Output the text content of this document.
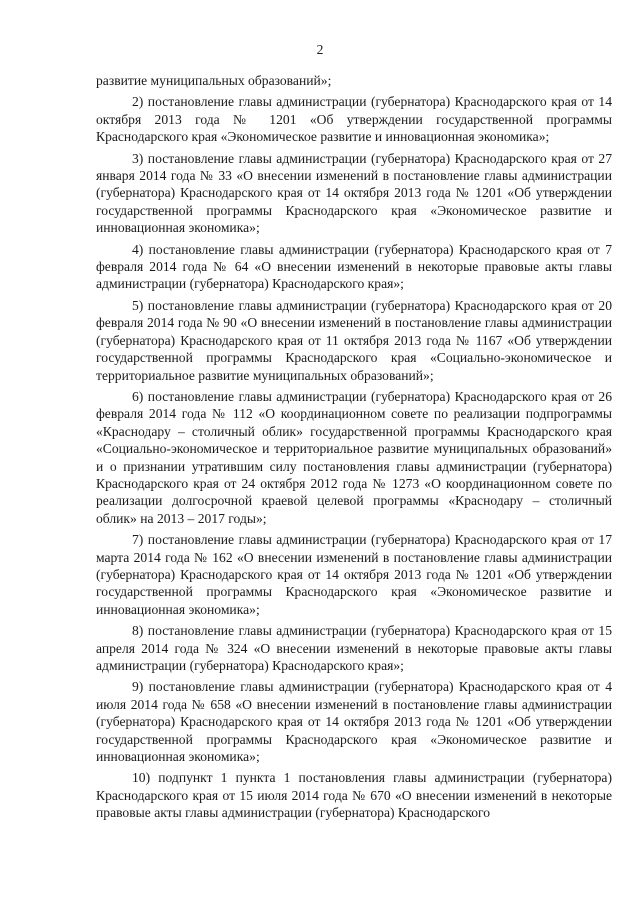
2

развитие муниципальных образований»;

2) постановление главы администрации (губернатора) Краснодарского края от 14 октября 2013 года № 1201 «Об утверждении государственной программы Краснодарского края «Экономическое развитие и инновационная экономика»;

3) постановление главы администрации (губернатора) Краснодарского края от 27 января 2014 года № 33 «О внесении изменений в постановление главы администрации (губернатора) Краснодарского края от 14 октября 2013 года № 1201 «Об утверждении государственной программы Краснодарского края «Экономическое развитие и инновационная экономика»;

4) постановление главы администрации (губернатора) Краснодарского края от 7 февраля 2014 года № 64 «О внесении изменений в некоторые правовые акты главы администрации (губернатора) Краснодарского края»;

5) постановление главы администрации (губернатора) Краснодарского края от 20 февраля 2014 года № 90 «О внесении изменений в постановление главы администрации (губернатора) Краснодарского края от 11 октября 2013 года № 1167 «Об утверждении государственной программы Краснодарского края «Социально-экономическое и территориальное развитие муниципальных образований»;

6) постановление главы администрации (губернатора) Краснодарского края от 26 февраля 2014 года № 112 «О координационном совете по реализации подпрограммы «Краснодару – столичный облик» государственной программы Краснодарского края «Социально-экономическое и территориальное развитие муниципальных образований» и о признании утратившим силу постановления главы администрации (губернатора) Краснодарского края от 24 октября 2012 года № 1273 «О координационном совете по реализации долгосрочной краевой целевой программы «Краснодару – столичный облик» на 2013 – 2017 годы»;

7) постановление главы администрации (губернатора) Краснодарского края от 17 марта 2014 года № 162 «О внесении изменений в постановление главы администрации (губернатора) Краснодарского края от 14 октября 2013 года № 1201 «Об утверждении государственной программы Краснодарского края «Экономическое развитие и инновационная экономика»;

8) постановление главы администрации (губернатора) Краснодарского края от 15 апреля 2014 года № 324 «О внесении изменений в некоторые правовые акты главы администрации (губернатора) Краснодарского края»;

9) постановление главы администрации (губернатора) Краснодарского края от 4 июля 2014 года № 658 «О внесении изменений в постановление главы администрации (губернатора) Краснодарского края от 14 октября 2013 года № 1201 «Об утверждении государственной программы Краснодарского края «Экономическое развитие и инновационная экономика»;

10) подпункт 1 пункта 1 постановления главы администрации (губернатора) Краснодарского края от 15 июля 2014 года № 670 «О внесении изменений в некоторые правовые акты главы администрации (губернатора) Краснодарского
